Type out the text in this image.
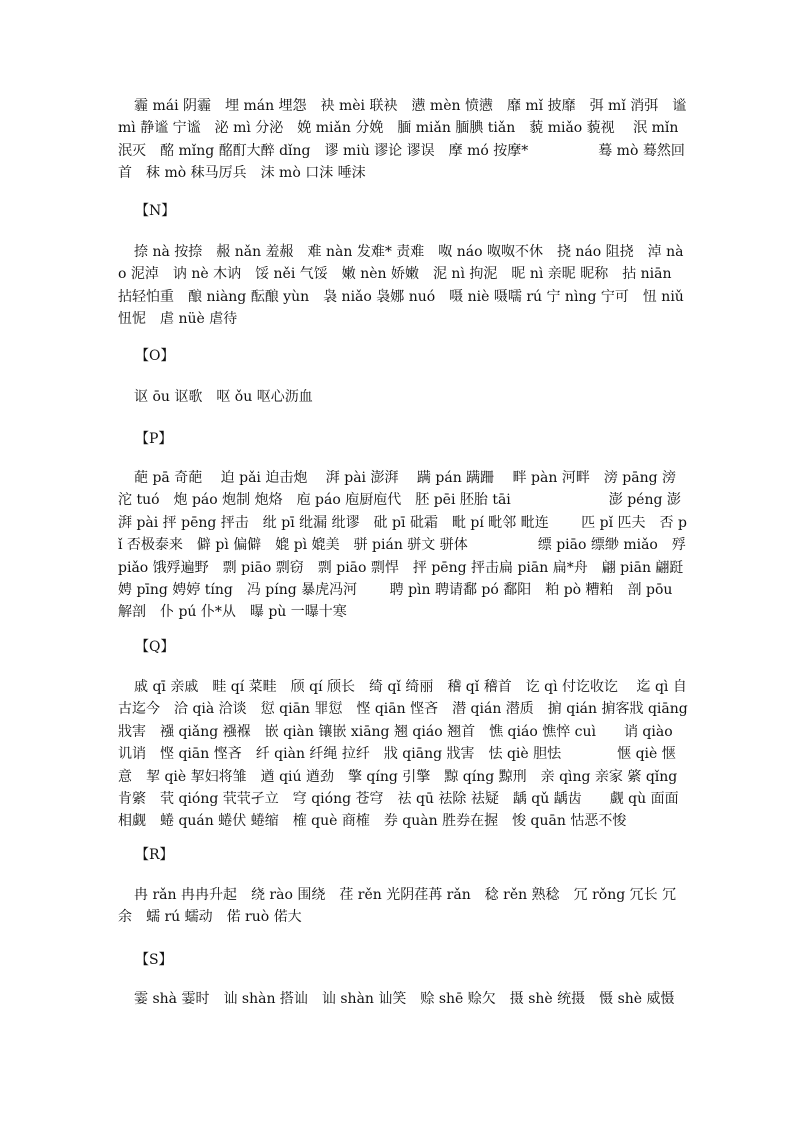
霾 mái 阴霾　埋 mán 埋怨　袂 mèi 联袂　懑 mèn 愤懑　靡 mǐ 披靡　弭 mǐ 消弭　谧 mì 静谧 宁谧　泌 mì 分泌　娩 miǎn 分娩　腼 miǎn 腼腆 tiǎn　藐 miǎo 藐视　 泯 mǐn 泯灭　酩 mǐng 酩酊大醉 dǐng　谬 miù 谬论 谬误　摩 mó 按摩*　　　　　蓦 mò 蓦然回首　秣 mò 秣马厉兵　沫 mò 口沫 唾沫

【N】

捺 nà 按捺　赧 nǎn 羞赧　难 nàn 发难* 责难　呶 náo 呶呶不休　挠 náo 阻挠　淖 nào 泥淖　讷 nè 木讷　馁 něi 气馁　嫩 nèn 娇嫩　泥 nì 拘泥　昵 nì 亲昵 昵称　拈 niān 拈轻怕重　酿 niàng 酝酿 yùn　袅 niǎo 袅娜 nuó　嗫 niè 嗫嚅 rú 宁 nìng 宁可　忸 niǔ 忸怩　虐 nüè 虐待

【O】

讴 ōu 讴歌　呕 ǒu 呕心沥血

【P】

葩 pā 奇葩　 迫 pǎi 迫击炮　 湃 pài 澎湃　 蹒 pán 蹒跚　 畔 pàn 河畔　滂 pāng 滂沱 tuó　炮 páo 炮制 炮烙　庖 páo 庖厨庖代　胚 pēi 胚胎 tāi　　　　　　　澎 péng 澎湃 pài 抨 pēng 抨击　纰 pī 纰漏 纰谬　砒 pī 砒霜　毗 pí 毗邻 毗连　　 匹 pǐ 匹夫　否 pǐ 否极泰来　僻 pì 偏僻　媲 pì 媲美　骈 pián 骈文 骈体　　　　　缥 piāo 缥缈 miǎo　殍 piǎo 饿殍遍野　剽 piāo 剽窃　剽 piāo 剽悍　抨 pēng 抨击扁 piān 扁*舟　翩 piān 翩跹　娉 pīng 娉婷 tíng　冯 píng 暴虎冯河　　 聘 pìn 聘请鄱 pó 鄱阳　粕 pò 糟粕　剖 pōu 解剖　仆 pú 仆*从　曝 pù 一曝十寒

【Q】

戚 qī 亲戚　畦 qí 菜畦　颀 qí 颀长　绮 qǐ 绮丽　稽 qǐ 稽首　讫 qì 付讫收讫　 迄 qì 自古迄今　洽 qià 洽谈　愆 qiān 罪愆　悭 qiān 悭吝　潜 qián 潜质　掮 qián 掮客戕 qiāng 戕害　襁 qiǎng 襁褓　嵌 qiàn 镶嵌 xiāng 翘 qiáo 翘首　憔 qiáo 憔悴 cuì　　诮 qiào 讥诮　悭 qiān 悭吝　纤 qiàn 纤绳 拉纤　戕 qiāng 戕害　怯 qiè 胆怯　　　　惬 qiè 惬意　挈 qiè 挈妇将雏　遒 qiú 遒劲　擎 qíng 引擎　黥 qíng 黥刑　亲 qìng 亲家 綮 qǐng 肯綮　茕 qióng 茕茕孑立　穹 qióng 苍穹　祛 qū 祛除 祛疑　龋 qǔ 龋齿　　觑 qù 面面相觑　蜷 quán 蜷伏 蜷缩　榷 què 商榷　券 quàn 胜券在握　悛 quān 怙恶不悛

【R】

冉 rǎn 冉冉升起　绕 rào 围绕　荏 rěn 光阴荏苒 rǎn　稔 rěn 熟稔　冗 rǒng 冗长 冗余　蠕 rú 蠕动　偌 ruò 偌大

【S】

霎 shà 霎时　讪 shàn 搭讪　讪 shàn 讪笑　赊 shē 赊欠　摄 shè 统摄　慑 shè 威慑
